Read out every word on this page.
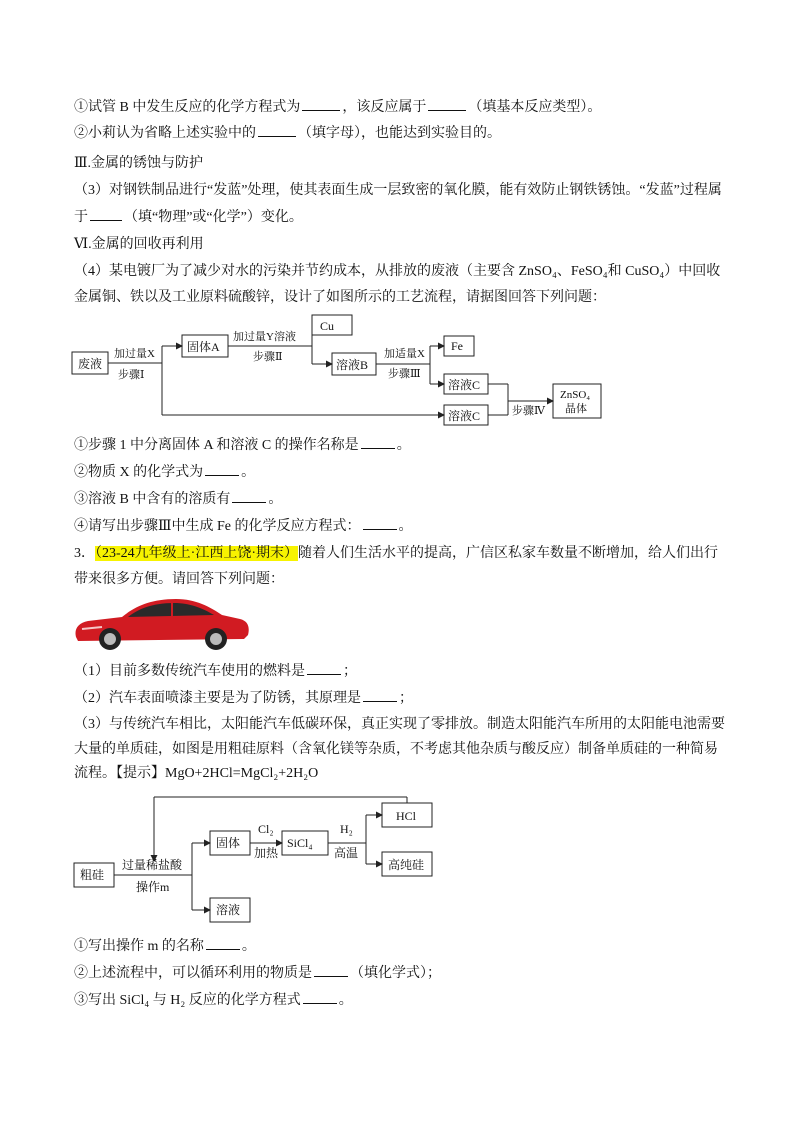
①试管 B 中发生反应的化学方程式为	，该反应属于	（填基本反应类型）。
②小莉认为省略上述实验中的	（填字母），也能达到实验目的。
Ⅲ.金属的锈蚀与防护
（3）对钢铁制品进行“发蓝”处理，使其表面生成一层致密的氧化膜，能有效防止钢铁锈蚀。“发蓝”过程属
于	（填“物理”或“化学”）变化。
Ⅵ.金属的回收再利用
（4）某电镀厂为了减少对水的污染并节约成本，从排放的废液（主要含 ZnSO₄、FeSO₄和 CuSO₄）中回收
金属铜、铁以及工业原料硫酸锌，设计了如图所示的工艺流程，请据图回答下列问题：
废液
加过量X
步骤Ⅰ
固体A
加过量Y溶液
步骤Ⅱ
Cu
溶液B
加适量X
步骤Ⅲ
Fe
溶液C
溶液C	步骤Ⅳ
ZnSO₄
晶体
①步骤 1 中分离固体 A 和溶液 C 的操作名称是	。
②物质 X 的化学式为	。
③溶液 B 中含有的溶质有	。
④请写出步骤Ⅲ中生成 Fe 的化学反应方程式：	。
3．（23-24九年级上·江西上饶·期末）随着人们生活水平的提高，广信区私家车数量不断增加，给人们出行
带来很多方便。请回答下列问题：
（1）目前多数传统汽车使用的燃料是	；
（2）汽车表面喷漆主要是为了防锈，其原理是	；
（3）与传统汽车相比，太阳能汽车低碳环保，真正实现了零排放。制造太阳能汽车所用的太阳能电池需要
大量的单质硅，如图是用粗硅原料（含氧化镁等杂质，不考虑其他杂质与酸反应）制备单质硅的一种简易
流程。【提示】MgO+2HCl=MgCl₂+2H₂O
粗硅
过量稀盐酸
操作m
固体
Cl₂
加热
SiCl₄
H₂
高温
HCl
高纯硅
溶液
①写出操作 m 的名称	。
②上述流程中，可以循环利用的物质是	（填化学式）；
③写出 SiCl₄ 与 H₂ 反应的化学方程式	。
